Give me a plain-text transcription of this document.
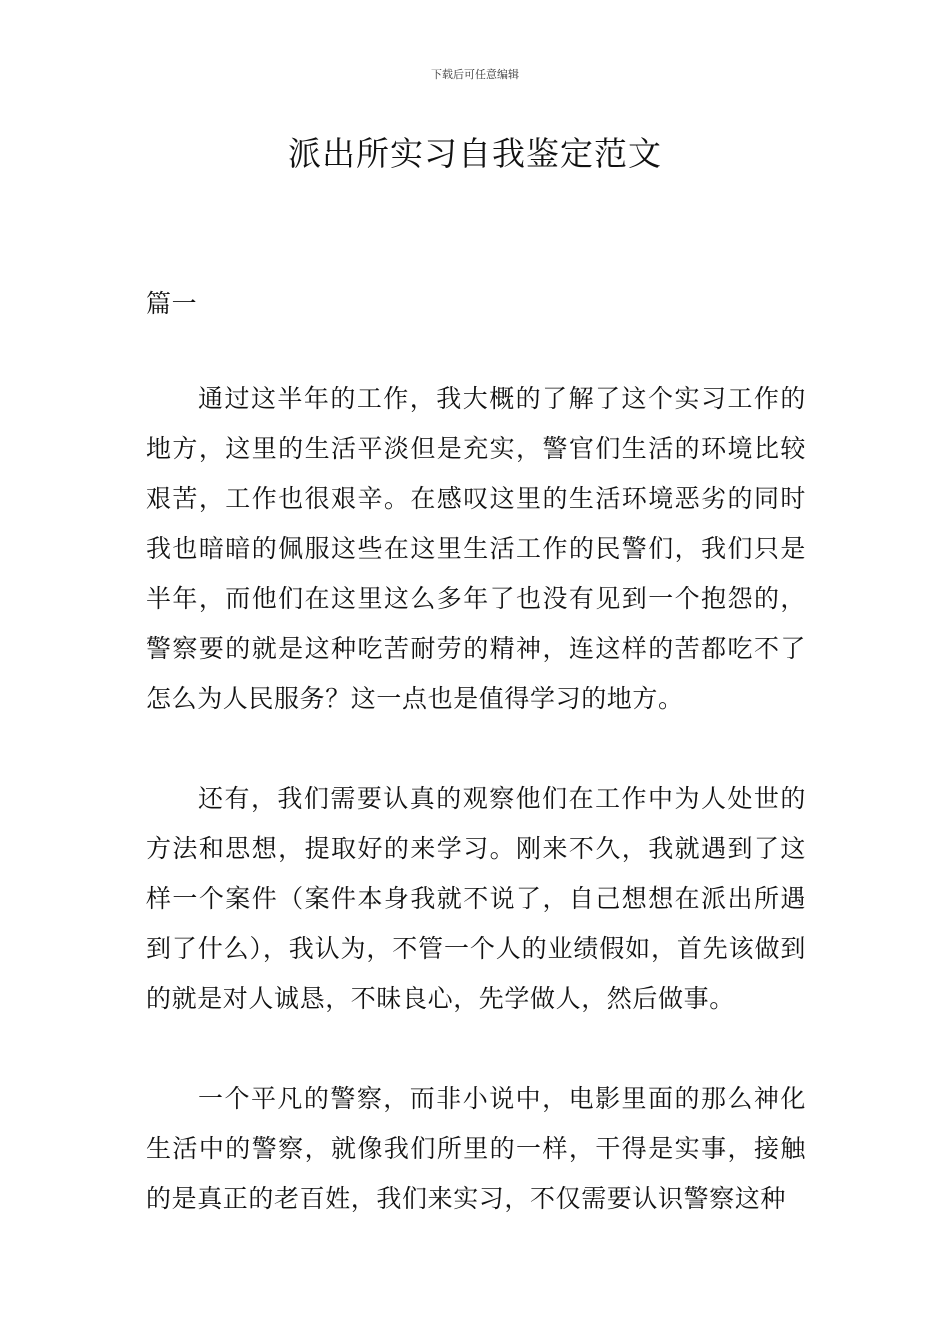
下载后可任意编辑
派出所实习自我鉴定范文

篇一

通过这半年的工作，我大概的了解了这个实习工作的地方，这里的生活平淡但是充实，警官们生活的环境比较艰苦，工作也很艰辛。在感叹这里的生活环境恶劣的同时我也暗暗的佩服这些在这里生活工作的民警们，我们只是半年，而他们在这里这么多年了也没有见到一个抱怨的，警察要的就是这种吃苦耐劳的精神，连这样的苦都吃不了怎么为人民服务？这一点也是值得学习的地方。

还有，我们需要认真的观察他们在工作中为人处世的方法和思想，提取好的来学习。刚来不久，我就遇到了这样一个案件（案件本身我就不说了，自己想想在派出所遇到了什么），我认为，不管一个人的业绩假如，首先该做到的就是对人诚恳，不昧良心，先学做人，然后做事。

一个平凡的警察，而非小说中，电影里面的那么神化生活中的警察，就像我们所里的一样，干得是实事，接触的是真正的老百姓，我们来实习，不仅需要认识警察这种
